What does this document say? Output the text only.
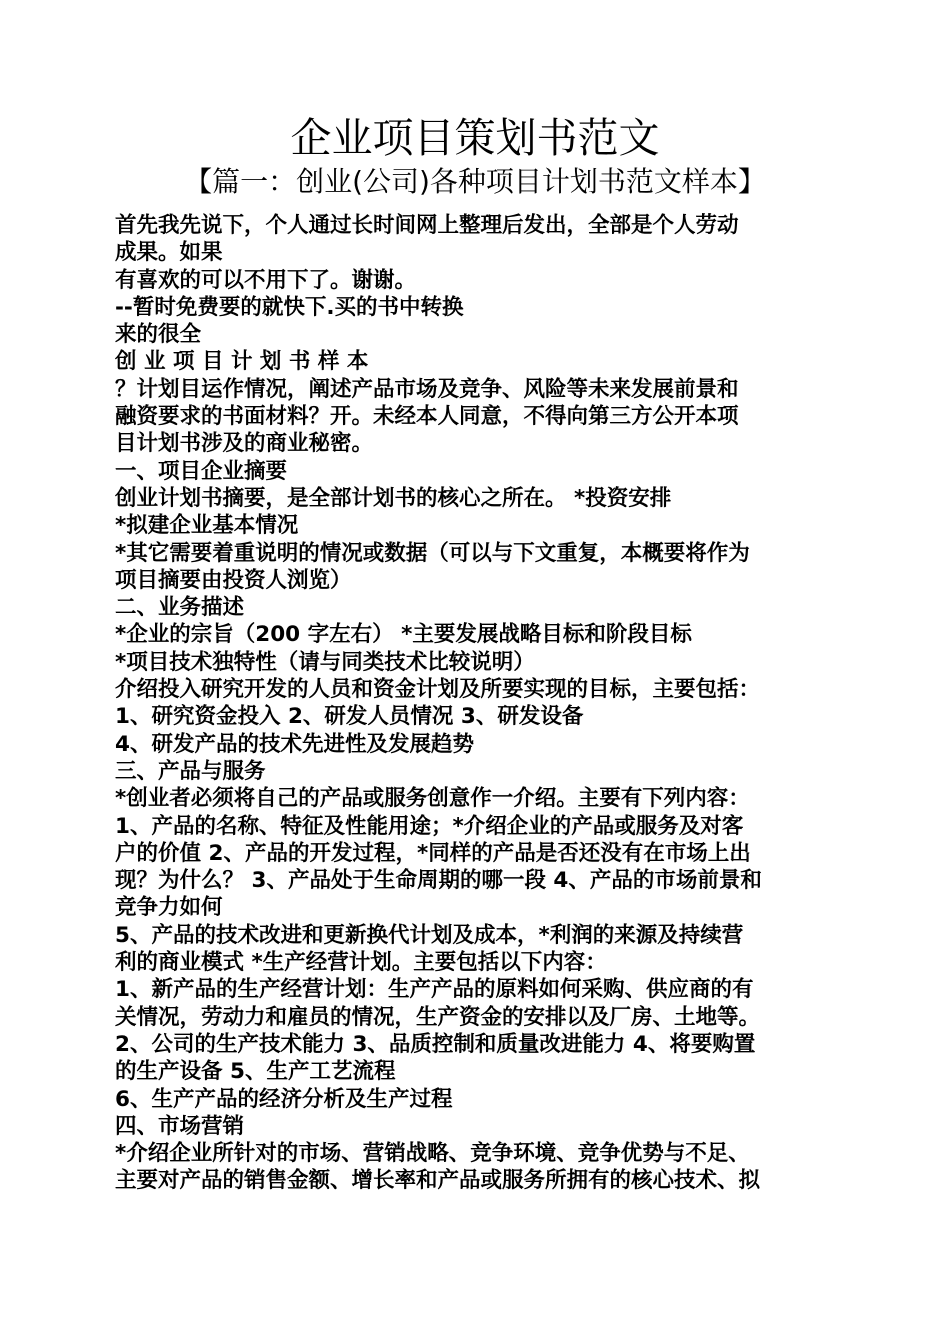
企业项目策划书范文
【篇一：创业(公司)各种项目计划书范文样本】
首先我先说下，个人通过长时间网上整理后发出，全部是个人劳动
成果。如果
有喜欢的可以不用下了。谢谢。
--暂时免费要的就快下.买的书中转换
来的很全
创 业 项 目 计 划 书 样 本
？计划目运作情况，阐述产品市场及竞争、风险等未来发展前景和
融资要求的书面材料？开。未经本人同意，不得向第三方公开本项
目计划书涉及的商业秘密。
一、项目企业摘要
创业计划书摘要，是全部计划书的核心之所在。 *投资安排
*拟建企业基本情况
*其它需要着重说明的情况或数据（可以与下文重复，本概要将作为
项目摘要由投资人浏览）
二、业务描述
*企业的宗旨（200 字左右） *主要发展战略目标和阶段目标
*项目技术独特性（请与同类技术比较说明）
介绍投入研究开发的人员和资金计划及所要实现的目标，主要包括：
1、研究资金投入 2、研发人员情况 3、研发设备
4、研发产品的技术先进性及发展趋势
三、产品与服务
*创业者必须将自己的产品或服务创意作一介绍。主要有下列内容：
1、产品的名称、特征及性能用途；*介绍企业的产品或服务及对客
户的价值 2、产品的开发过程，*同样的产品是否还没有在市场上出
现？为什么？ 3、产品处于生命周期的哪一段 4、产品的市场前景和
竞争力如何
5、产品的技术改进和更新换代计划及成本，*利润的来源及持续营
利的商业模式 *生产经营计划。主要包括以下内容：
1、新产品的生产经营计划：生产产品的原料如何采购、供应商的有
关情况，劳动力和雇员的情况，生产资金的安排以及厂房、土地等。
2、公司的生产技术能力 3、品质控制和质量改进能力 4、将要购置
的生产设备 5、生产工艺流程
6、生产产品的经济分析及生产过程
四、市场营销
*介绍企业所针对的市场、营销战略、竞争环境、竞争优势与不足、
主要对产品的销售金额、增长率和产品或服务所拥有的核心技术、拟
